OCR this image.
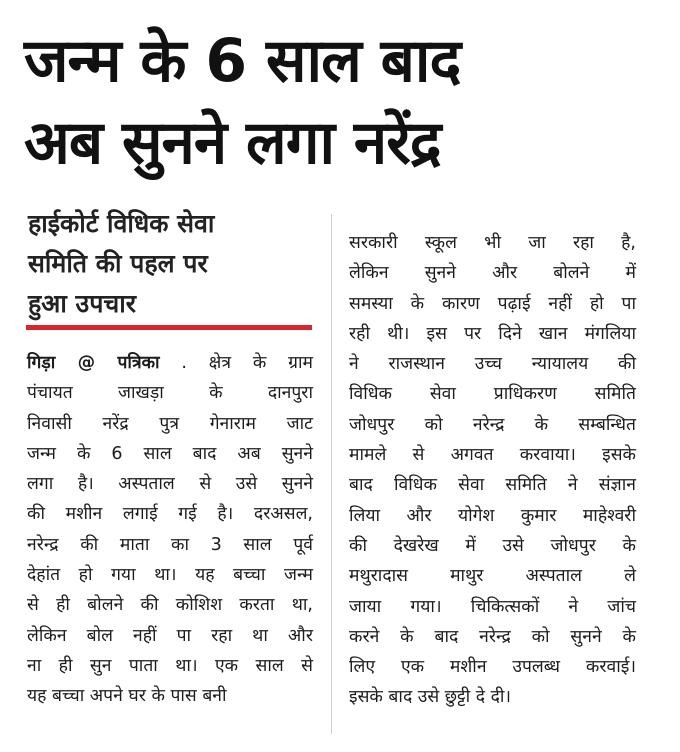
जन्म के 6 साल बाद
अब सुनने लगा नरेंद्र
हाईकोर्ट विधिक सेवा
समिति की पहल पर
हुआ उपचार
गिड़ा @ पत्रिका . क्षेत्र के ग्राम
पंचायत जाखड़ा के दानपुरा
निवासी नरेंद्र पुत्र गेनाराम जाट
जन्म के 6 साल बाद अब सुनने
लगा है। अस्पताल से उसे सुनने
की मशीन लगाई गई है। दरअसल,
नरेन्द्र की माता का 3 साल पूर्व
देहांत हो गया था। यह बच्चा जन्म
से ही बोलने की कोशिश करता था,
लेकिन बोल नहीं पा रहा था और
ना ही सुन पाता था। एक साल से
यह बच्चा अपने घर के पास बनी
सरकारी स्कूल भी जा रहा है,
लेकिन सुनने और बोलने में
समस्या के कारण पढ़ाई नहीं हो पा
रही थी। इस पर दिने खान मंगलिया
ने राजस्थान उच्च न्यायालय की
विधिक सेवा प्राधिकरण समिति
जोधपुर को नरेन्द्र के सम्बन्धित
मामले से अगवत करवाया। इसके
बाद विधिक सेवा समिति ने संज्ञान
लिया और योगेश कुमार माहेश्वरी
की देखरेख में उसे जोधपुर के
मथुरादास माथुर अस्पताल ले
जाया गया। चिकित्सकों ने जांच
करने के बाद नरेन्द्र को सुनने के
लिए एक मशीन उपलब्ध करवाई।
इसके बाद उसे छुट्टी दे दी।
